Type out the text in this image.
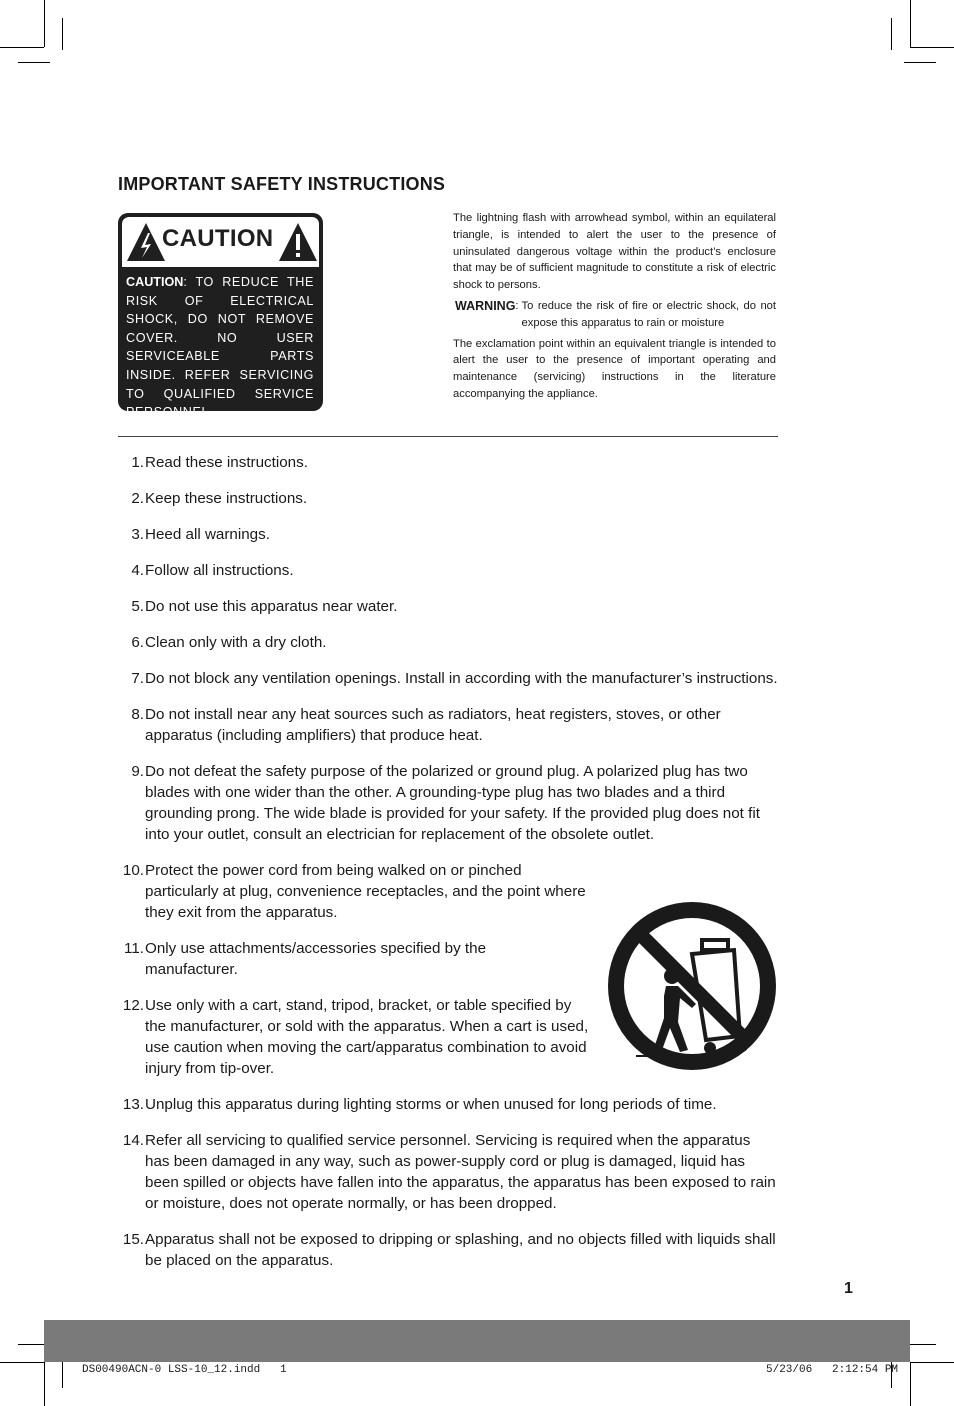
IMPORTANT SAFETY INSTRUCTIONS
CAUTION
CAUTION: TO REDUCE THE RISK OF ELECTRICAL SHOCK, DO NOT REMOVE COVER. NO USER SERVICEABLE PARTS INSIDE. REFER SERVICING TO QUALIFIED SERVICE PERSONNEL.

The lightning flash with arrowhead symbol, within an equilateral triangle, is intended to alert the user to the presence of uninsulated dangerous voltage within the product’s enclosure that may be of sufficient magnitude to constitute a risk of electric shock to persons.

WARNING : To reduce the risk of fire or electric shock, do not expose this apparatus to rain or moisture

The exclamation point within an equivalent triangle is intended to alert the user to the presence of important operating and maintenance (servicing) instructions in the literature accompanying the appliance.

1. Read these instructions.
2. Keep these instructions.
3. Heed all warnings.
4. Follow all instructions.
5. Do not use this apparatus near water.
6. Clean only with a dry cloth.
7. Do not block any ventilation openings. Install in according with the manufacturer’s instructions.
8. Do not install near any heat sources such as radiators, heat registers, stoves, or other apparatus (including amplifiers) that produce heat.
9. Do not defeat the safety purpose of the polarized or ground plug. A polarized plug has two blades with one wider than the other. A grounding-type plug has two blades and a third grounding prong. The wide blade is provided for your safety. If the provided plug does not fit into your outlet, consult an electrician for replacement of the obsolete outlet.
10. Protect the power cord from being walked on or pinched particularly at plug, convenience receptacles, and the point where they exit from the apparatus.
11. Only use attachments/accessories specified by the manufacturer.
12. Use only with a cart, stand, tripod, bracket, or table specified by the manufacturer, or sold with the apparatus. When a cart is used, use caution when moving the cart/apparatus combination to avoid injury from tip-over.
13. Unplug this apparatus during lighting storms or when unused for long periods of time.
14. Refer all servicing to qualified service personnel. Servicing is required when the apparatus has been damaged in any way, such as power-supply cord or plug is damaged, liquid has been spilled or objects have fallen into the apparatus, the apparatus has been exposed to rain or moisture, does not operate normally, or has been dropped.
15. Apparatus shall not be exposed to dripping or splashing, and no objects filled with liquids shall be placed on the apparatus.
1
DS00490ACN-0 LSS-10_12.indd   1	5/23/06   2:12:54 PM
